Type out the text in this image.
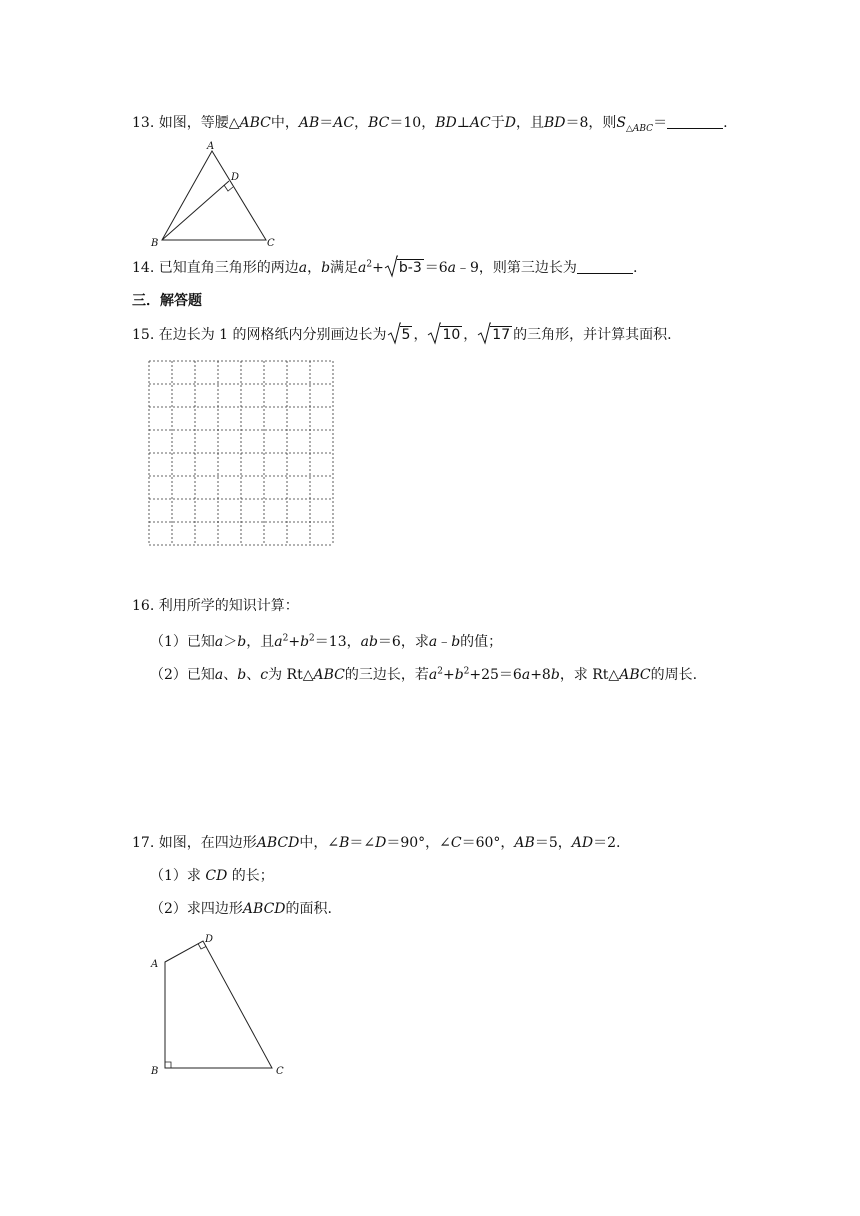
13. 如图，等腰△ABC中，AB＝AC，BC＝10，BD⊥AC于D，且BD＝8，则$S_{\triangle ABC}=$	.
A
D
B	C
14. 已知直角三角形的两边a，b满足$a^2+ b-3$ ＝6a﹣9，则第三边长为	.
三．解答题
15. 在边长为 1 的网格纸内分别画边长为 5 ， 10 ， 17 的三角形，并计算其面积.
16. 利用所学的知识计算：
（1）已知a＞b，且$a^2+b^2=13$，ab＝6，求a﹣b的值；
（2）已知a、b、c为 Rt△ABC的三边长，若$a^2+b^2+25=6a+8b$，求 Rt△ABC的周长.
17. 如图，在四边形ABCD中，∠B＝∠D＝90°，∠C＝60°，AB＝5，AD＝2.
（1）求 CD 的长；
（2）求四边形ABCD的面积.
A
D
B	C
